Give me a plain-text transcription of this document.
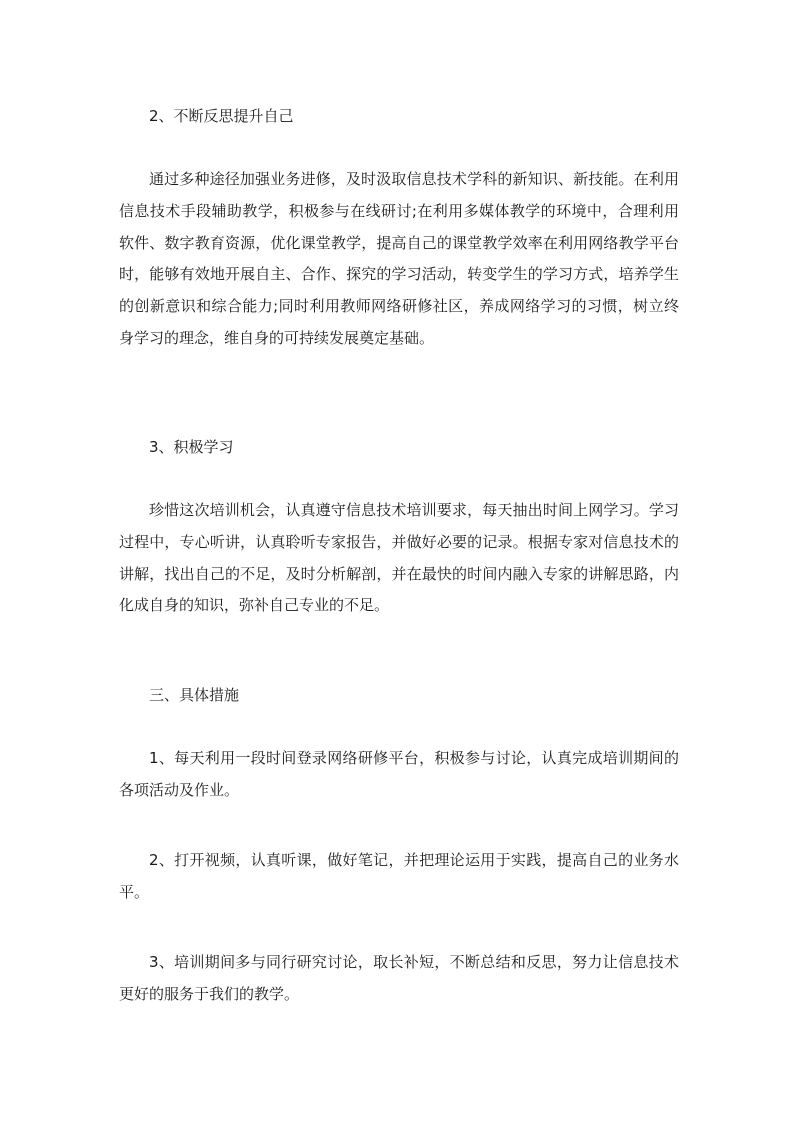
2、不断反思提升自己

通过多种途径加强业务进修，及时汲取信息技术学科的新知识、新技能。在利用信息技术手段辅助教学，积极参与在线研讨;在利用多媒体教学的环境中，合理利用软件、数字教育资源，优化课堂教学，提高自己的课堂教学效率在利用网络教学平台时，能够有效地开展自主、合作、探究的学习活动，转变学生的学习方式，培养学生的创新意识和综合能力;同时利用教师网络研修社区，养成网络学习的习惯，树立终身学习的理念，维自身的可持续发展奠定基础。

3、积极学习

珍惜这次培训机会，认真遵守信息技术培训要求，每天抽出时间上网学习。学习过程中，专心听讲，认真聆听专家报告，并做好必要的记录。根据专家对信息技术的讲解，找出自己的不足，及时分析解剖，并在最快的时间内融入专家的讲解思路，内化成自身的知识，弥补自己专业的不足。

三、具体措施

1、每天利用一段时间登录网络研修平台，积极参与讨论，认真完成培训期间的各项活动及作业。

2、打开视频，认真听课，做好笔记，并把理论运用于实践，提高自己的业务水平。

3、培训期间多与同行研究讨论，取长补短，不断总结和反思，努力让信息技术更好的服务于我们的教学。
